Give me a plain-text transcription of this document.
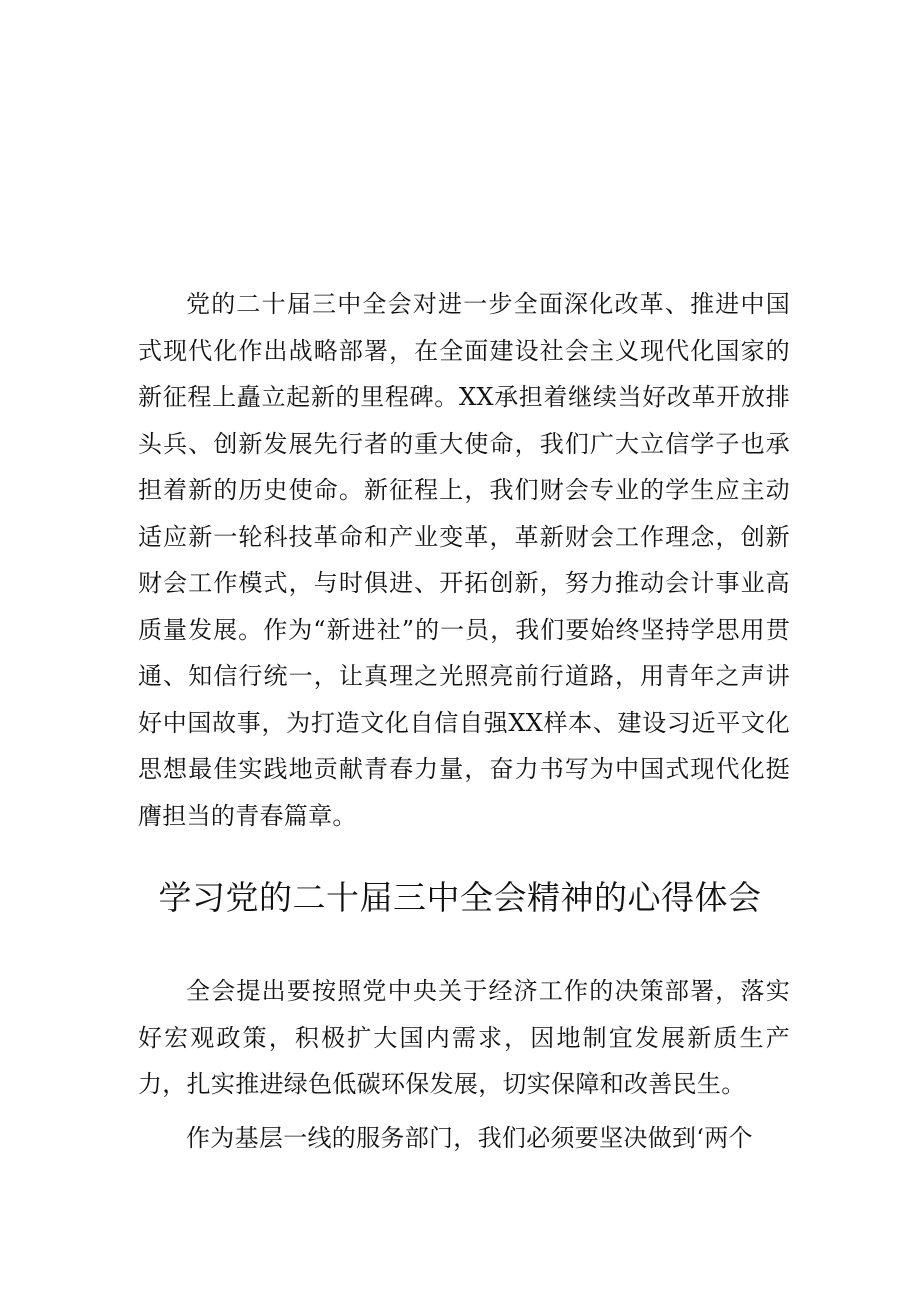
党的二十届三中全会对进一步全面深化改革、推进中国式现代化作出战略部署，在全面建设社会主义现代化国家的新征程上矗立起新的里程碑。XX承担着继续当好改革开放排头兵、创新发展先行者的重大使命，我们广大立信学子也承担着新的历史使命。新征程上，我们财会专业的学生应主动适应新一轮科技革命和产业变革，革新财会工作理念，创新财会工作模式，与时俱进、开拓创新，努力推动会计事业高质量发展。作为“新进社”的一员，我们要始终坚持学思用贯通、知信行统一，让真理之光照亮前行道路，用青年之声讲好中国故事，为打造文化自信自强XX样本、建设习近平文化思想最佳实践地贡献青春力量，奋力书写为中国式现代化挺膺担当的青春篇章。

学习党的二十届三中全会精神的心得体会

全会提出要按照党中央关于经济工作的决策部署，落实好宏观政策，积极扩大国内需求，因地制宜发展新质生产力，扎实推进绿色低碳环保发展，切实保障和改善民生。

作为基层一线的服务部门，我们必须要坚决做到‘两个
